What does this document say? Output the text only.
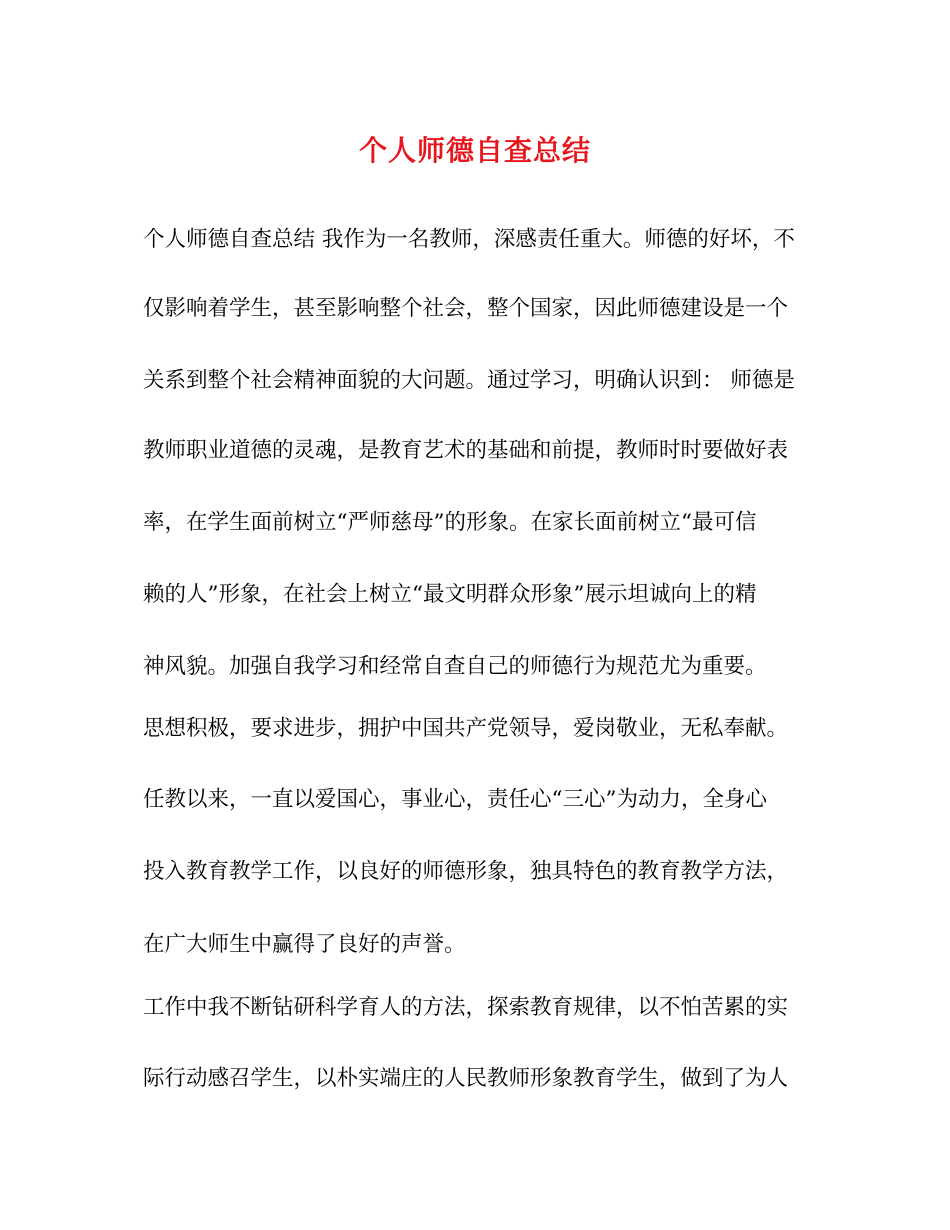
个人师德自查总结

个人师德自查总结 我作为一名教师，深感责任重大。师德的好坏，不

仅影响着学生，甚至影响整个社会，整个国家，因此师德建设是一个

关系到整个社会精神面貌的大问题。通过学习，明确认识到： 师德是

教师职业道德的灵魂，是教育艺术的基础和前提，教师时时要做好表

率，在学生面前树立“严师慈母”的形象。在家长面前树立“最可信

赖的人”形象，在社会上树立“最文明群众形象”展示坦诚向上的精

神风貌。加强自我学习和经常自查自己的师德行为规范尤为重要。

思想积极，要求进步，拥护中国共产党领导，爱岗敬业，无私奉献。

任教以来，一直以爱国心，事业心，责任心“三心”为动力，全身心

投入教育教学工作，以良好的师德形象，独具特色的教育教学方法，

在广大师生中赢得了良好的声誉。

工作中我不断钻研科学育人的方法，探索教育规律，以不怕苦累的实

际行动感召学生，以朴实端庄的人民教师形象教育学生，做到了为人
